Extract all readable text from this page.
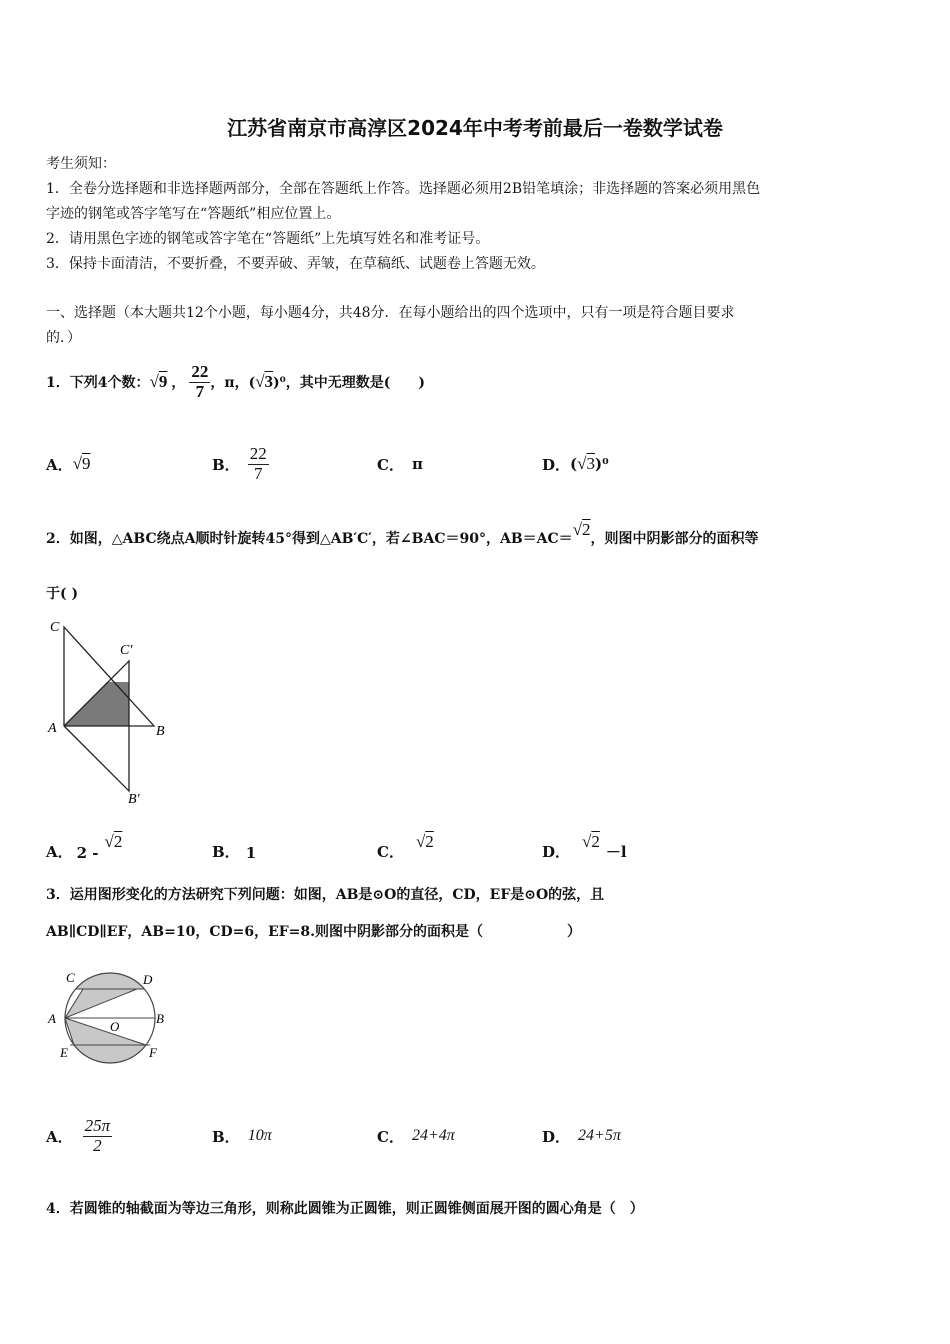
江苏省南京市高淳区2024年中考考前最后一卷数学试卷
考生须知：
1．全卷分选择题和非选择题两部分，全部在答题纸上作答。选择题必须用2B铅笔填涂；非选择题的答案必须用黑色
字迹的钢笔或答字笔写在“答题纸”相应位置上。
2．请用黑色字迹的钢笔或答字笔在“答题纸”上先填写姓名和准考证号。
3．保持卡面清洁，不要折叠，不要弄破、弄皱，在草稿纸、试题卷上答题无效。
一、选择题（本大题共12个小题，每小题4分，共48分．在每小题给出的四个选项中，只有一项是符合题目要求
的．）
1．下列4个数： √9 ， $\frac{22}{7}$ ，π，( √3 )⁰，其中无理数是(　　)
A． √9	B． $\frac{22}{7}$	C． π	D． ( √3 )⁰
2．如图，△ABC绕点A顺时针旋转45°得到△AB′C′，若∠BAC＝90°，AB＝AC＝ √2 ，则图中阴影部分的面积等
于( )
C
C′
A	B
B′
A． 2 -
√2
B． 1	C．
√2
D．
√2
－l
3．运用图形变化的方法研究下列问题：如图，AB是⊙O的直径，CD，EF是⊙O的弦，且
AB∥CD∥EF，AB=10，CD=6，EF=8.则图中阴影部分的面积是（　　　　　　）
C	D
A
O
B
E	F
A． $\frac{25\pi}{2}$	B． 10π	C． 24+4π	D． 24+5π
4．若圆锥的轴截面为等边三角形，则称此圆锥为正圆锥，则正圆锥侧面展开图的圆心角是（　）
